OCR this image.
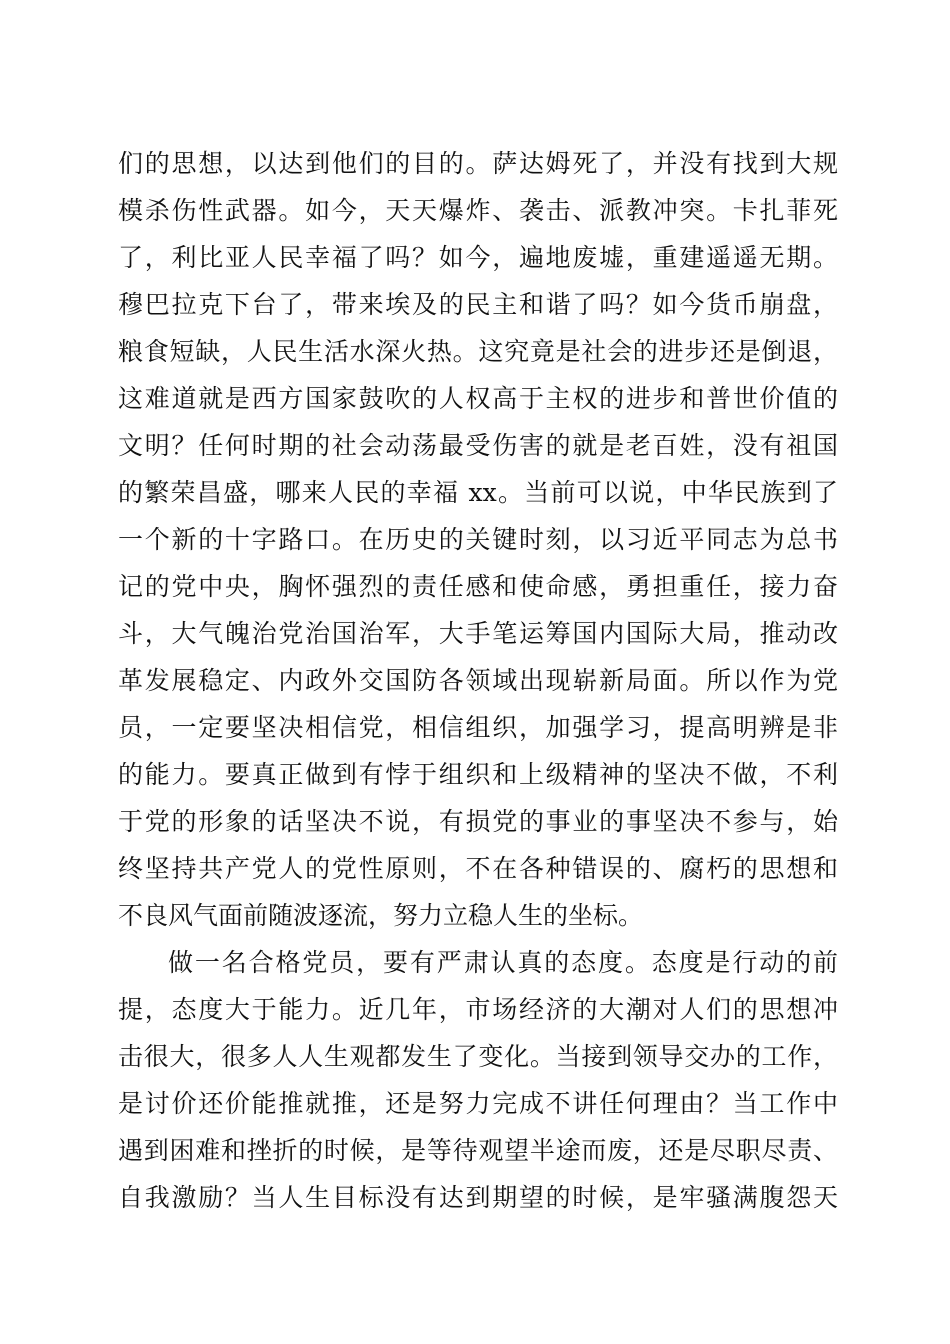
们的思想，以达到他们的目的。萨达姆死了，并没有找到大规
模杀伤性武器。如今，天天爆炸、袭击、派教冲突。卡扎菲死
了，利比亚人民幸福了吗？如今，遍地废墟，重建遥遥无期。
穆巴拉克下台了，带来埃及的民主和谐了吗？如今货币崩盘，
粮食短缺，人民生活水深火热。这究竟是社会的进步还是倒退，
这难道就是西方国家鼓吹的人权高于主权的进步和普世价值的
文明？任何时期的社会动荡最受伤害的就是老百姓，没有祖国
的繁荣昌盛，哪来人民的幸福 xx。当前可以说，中华民族到了
一个新的十字路口。在历史的关键时刻，以习近平同志为总书
记的党中央，胸怀强烈的责任感和使命感，勇担重任，接力奋
斗，大气魄治党治国治军，大手笔运筹国内国际大局，推动改
革发展稳定、内政外交国防各领域出现崭新局面。所以作为党
员，一定要坚决相信党，相信组织，加强学习，提高明辨是非
的能力。要真正做到有悖于组织和上级精神的坚决不做，不利
于党的形象的话坚决不说，有损党的事业的事坚决不参与，始
终坚持共产党人的党性原则，不在各种错误的、腐朽的思想和
不良风气面前随波逐流，努力立稳人生的坐标。
做一名合格党员，要有严肃认真的态度。态度是行动的前
提，态度大于能力。近几年，市场经济的大潮对人们的思想冲
击很大，很多人人生观都发生了变化。当接到领导交办的工作，
是讨价还价能推就推，还是努力完成不讲任何理由？当工作中
遇到困难和挫折的时候，是等待观望半途而废，还是尽职尽责、
自我激励？当人生目标没有达到期望的时候，是牢骚满腹怨天
